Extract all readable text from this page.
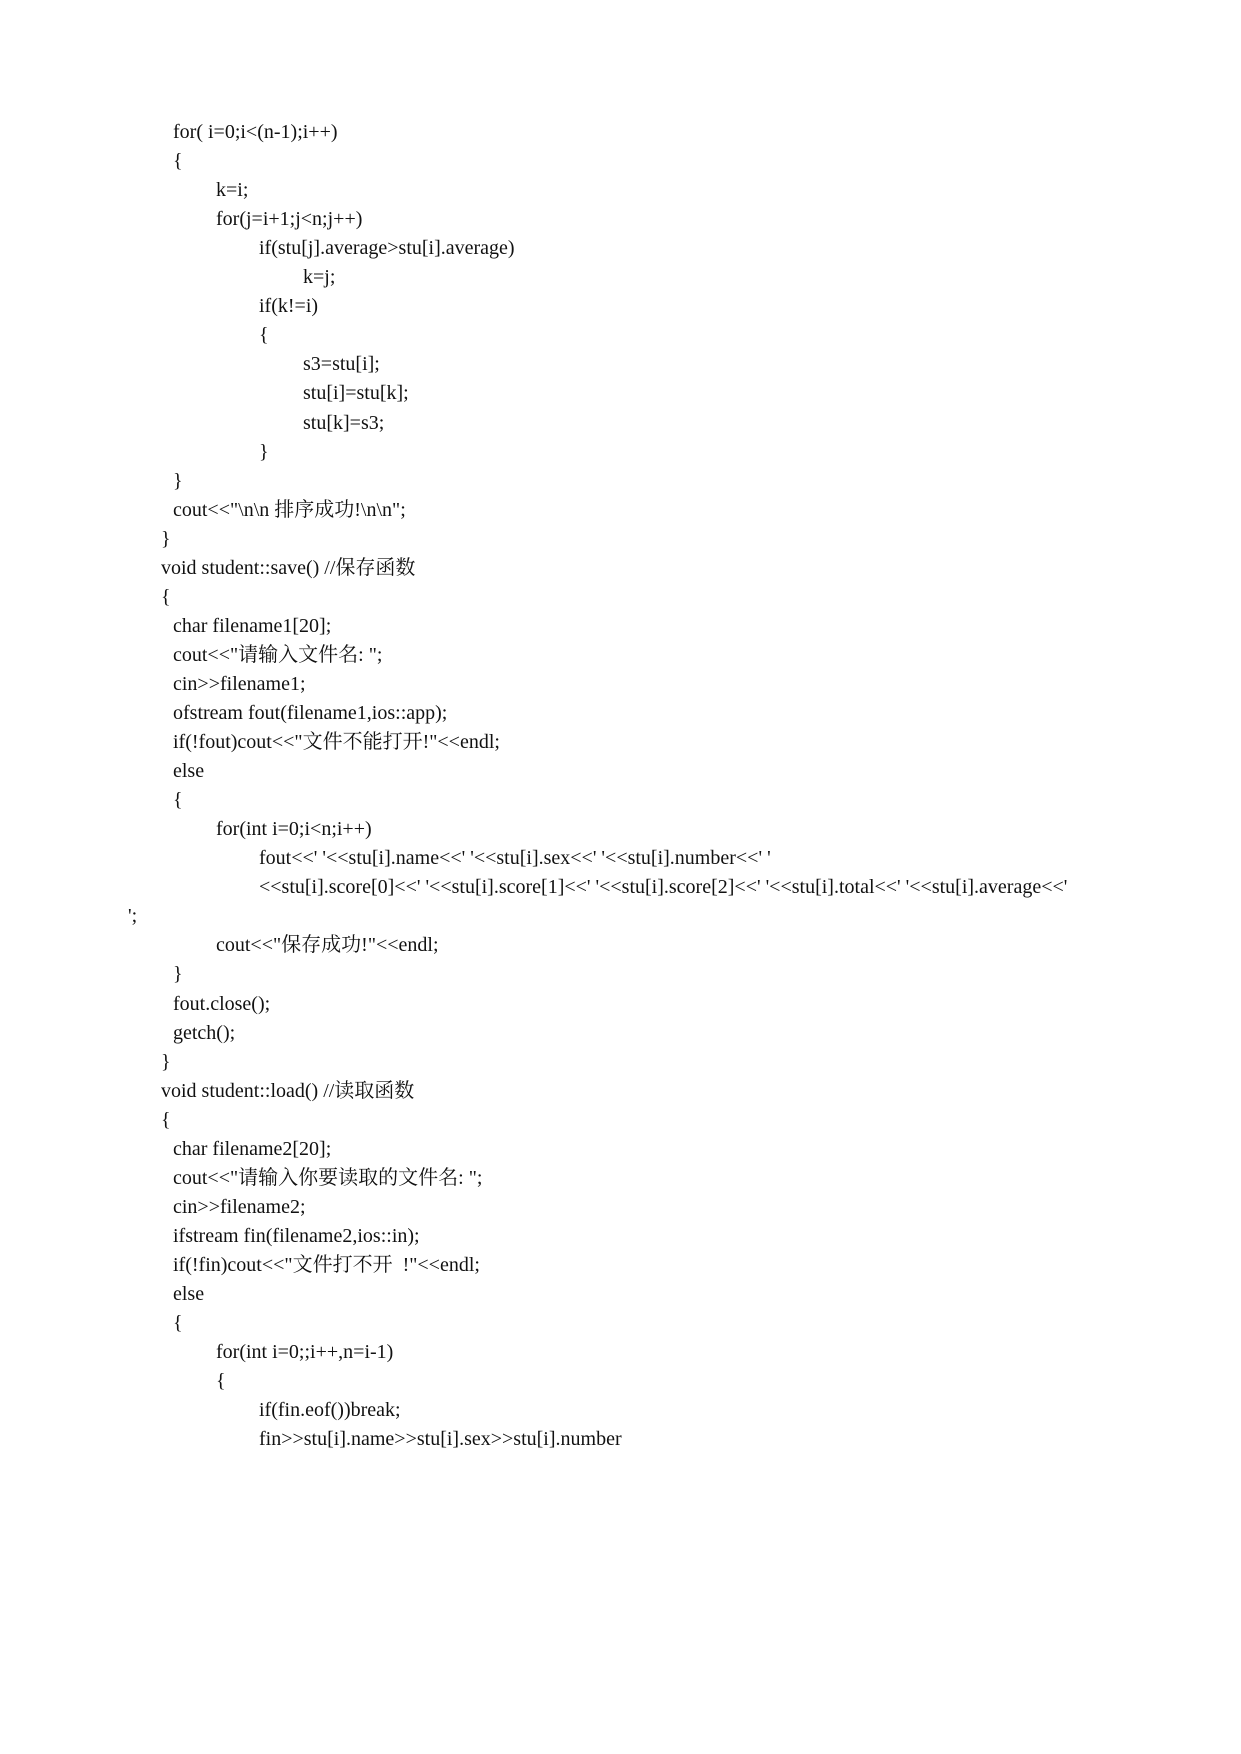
for( i=0;i<(n-1);i++)
{
k=i;
for(j=i+1;j<n;j++)
if(stu[j].average>stu[i].average)
k=j;
if(k!=i)
{
s3=stu[i];
stu[i]=stu[k];
stu[k]=s3;
}
}
cout<<"\n\n 排序成功!\n\n";
}
void student::save() //保存函数
{
char filename1[20];
cout<<"请输入文件名: ";
cin>>filename1;
ofstream fout(filename1,ios::app);
if(!fout)cout<<"文件不能打开!"<<endl;
else
{
for(int i=0;i<n;i++)
fout<<' '<<stu[i].name<<' '<<stu[i].sex<<' '<<stu[i].number<<' '
<<stu[i].score[0]<<' '<<stu[i].score[1]<<' '<<stu[i].score[2]<<' '<<stu[i].total<<' '<<stu[i].average<<'
';
cout<<"保存成功!"<<endl;
}
fout.close();
getch();
}
void student::load() //读取函数
{
char filename2[20];
cout<<"请输入你要读取的文件名: ";
cin>>filename2;
ifstream fin(filename2,ios::in);
if(!fin)cout<<"文件打不开  !"<<endl;
else
{
for(int i=0;;i++,n=i-1)
{
if(fin.eof())break;
fin>>stu[i].name>>stu[i].sex>>stu[i].number
